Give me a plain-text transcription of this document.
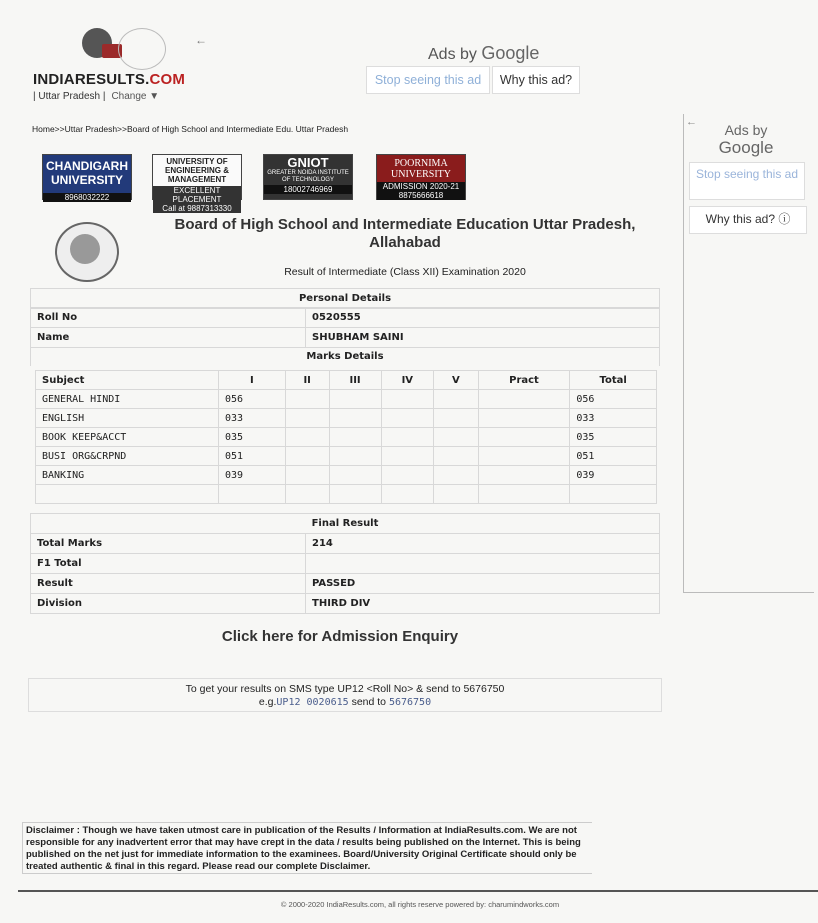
←
INDIARESULTS.COM
| Uttar Pradesh | Change ▼
Ads by Google
Stop seeing this ad	Why this ad?
←	Ads by
Google
Stop seeing this ad
Why this ad? ⓘ
Home>>Uttar Pradesh>>Board of High School and Intermediate Edu. Uttar Pradesh
CHANDIGARH UNIVERSITY
8968032222
UNIVERSITY OF ENGINEERING & MANAGEMENT
EXCELLENT PLACEMENT
Call at 9887313330
GNIOT
GREATER NOIDA INSTITUTE OF TECHNOLOGY
18002746969
POORNIMA UNIVERSITY
ADMISSION 2020-21
8875666618
Board of High School and Intermediate Education Uttar Pradesh, Allahabad
Result of Intermediate (Class XII) Examination 2020
Personal Details
Roll No	0520555
Name	SHUBHAM SAINI
Marks Details
Subject	I	II	III	IV	V	Pract	Total
GENERAL HINDI	056						056
ENGLISH	033						033
BOOK KEEP&ACCT	035						035
BUSI ORG&CRPND	051						051
BANKING	039						039

Final Result
Total Marks	214
F1 Total	
Result	PASSED
Division	THIRD DIV
Click here for Admission Enquiry
To get your results on SMS type UP12 <Roll No> & send to 5676750
e.g.UP12 0020615 send to 5676750
Disclaimer : Though we have taken utmost care in publication of the Results / Information at IndiaResults.com. We are not responsible for any inadvertent error that may have crept in the data / results being published on the Internet. This is being published on the net just for immediate information to the examinees. Board/University Original Certificate should only be treated authentic & final in this regard. Please read our complete Disclaimer.
© 2000-2020 IndiaResults.com, all rights reserve powered by: charumindworks.com
